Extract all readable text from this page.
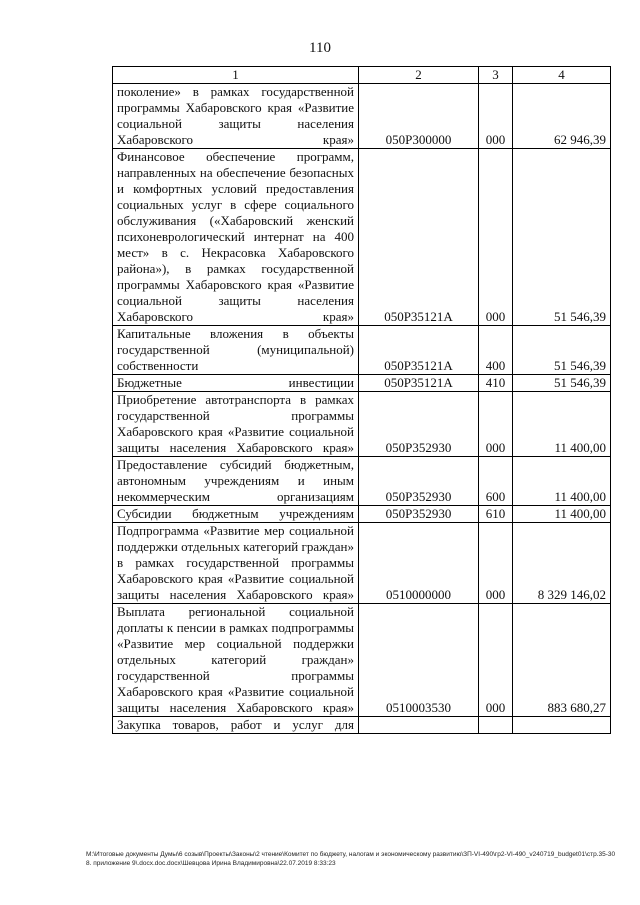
110
1	2	3	4
поколение» в рамках государственной программы Хабаровского края «Развитие социальной защиты населения Хабаровского края»	050P300000	000	62 946,39
Финансовое обеспечение программ, направленных на обеспечение безопасных и комфортных условий предоставления социальных услуг в сфере социального обслуживания («Хабаровский женский психоневрологический интернат на 400 мест» в с. Некрасовка Хабаровского района»), в рамках государственной программы Хабаровского края «Развитие социальной защиты населения Хабаровского края»	050P35121A	000	51 546,39
Капитальные вложения в объекты государственной (муниципальной) собственности	050P35121A	400	51 546,39
Бюджетные инвестиции	050P35121A	410	51 546,39
Приобретение автотранспорта в рамках государственной программы Хабаровского края «Развитие социальной защиты населения Хабаровского края»	050P352930	000	11 400,00
Предоставление субсидий бюджетным, автономным учреждениям и иным некоммерческим организациям	050P352930	600	11 400,00
Субсидии бюджетным учреждениям	050P352930	610	11 400,00
Подпрограмма «Развитие мер социальной поддержки отдельных категорий граждан» в рамках государственной программы Хабаровского края «Развитие социальной защиты населения Хабаровского края»	0510000000	000	8 329 146,02
Выплата региональной социальной доплаты к пенсии в рамках подпрограммы «Развитие мер социальной поддержки отдельных категорий граждан» государственной программы Хабаровского края «Развитие социальной защиты населения Хабаровского края»	0510003530	000	883 680,27
Закупка товаров, работ и услуг для			
М:\Итоговые документы Думы\6 созыв\Проекты\Законы\2 чтение\Комитет по бюджету, налогам и экономическому развитию\ЗП-VI-490\гр2-VI-490_v240719_budget01\стр.35-308. приложение 9\.docx.doc.docx\Шевцова Ирина Владимировна\22.07.2019 8:33:23
